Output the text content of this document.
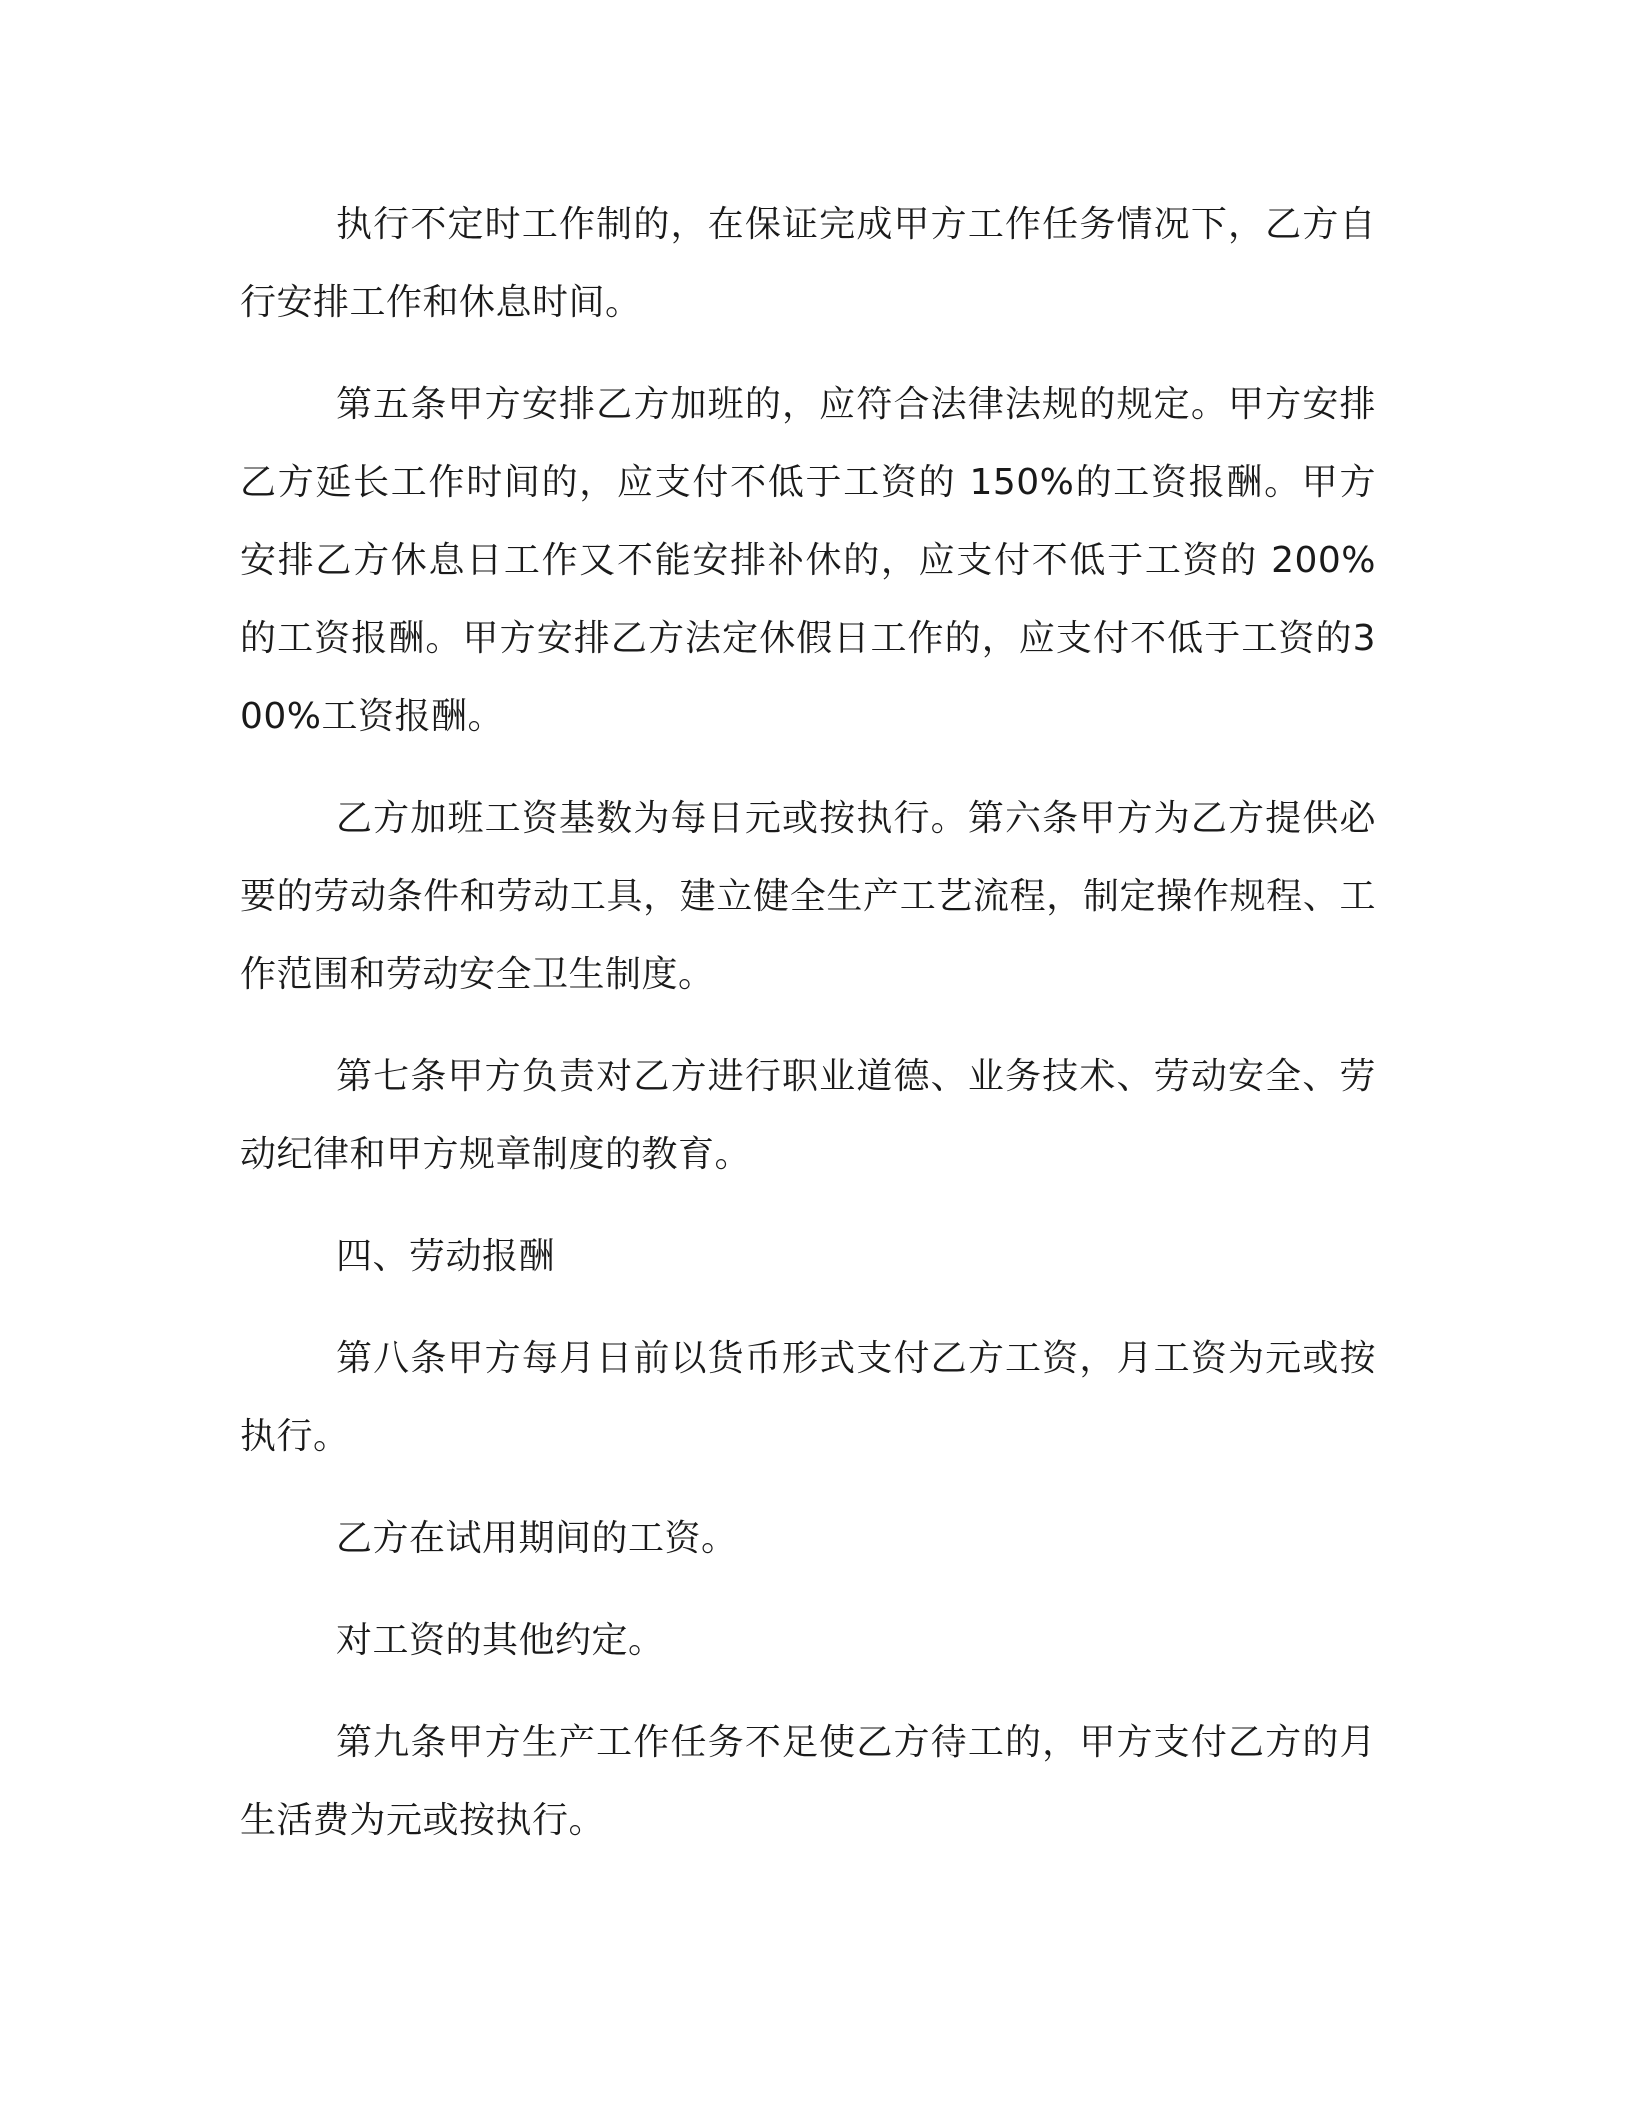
执行不定时工作制的，在保证完成甲方工作任务情况下，乙方自行安排工作和休息时间。

第五条甲方安排乙方加班的，应符合法律法规的规定。甲方安排乙方延长工作时间的，应支付不低于工资的 150%的工资报酬。甲方安排乙方休息日工作又不能安排补休的，应支付不低于工资的 200%的工资报酬。甲方安排乙方法定休假日工作的，应支付不低于工资的300%工资报酬。

乙方加班工资基数为每日元或按执行。第六条甲方为乙方提供必要的劳动条件和劳动工具，建立健全生产工艺流程，制定操作规程、工作范围和劳动安全卫生制度。

第七条甲方负责对乙方进行职业道德、业务技术、劳动安全、劳动纪律和甲方规章制度的教育。

四、劳动报酬

第八条甲方每月日前以货币形式支付乙方工资，月工资为元或按执行。

乙方在试用期间的工资。

对工资的其他约定。

第九条甲方生产工作任务不足使乙方待工的，甲方支付乙方的月生活费为元或按执行。
